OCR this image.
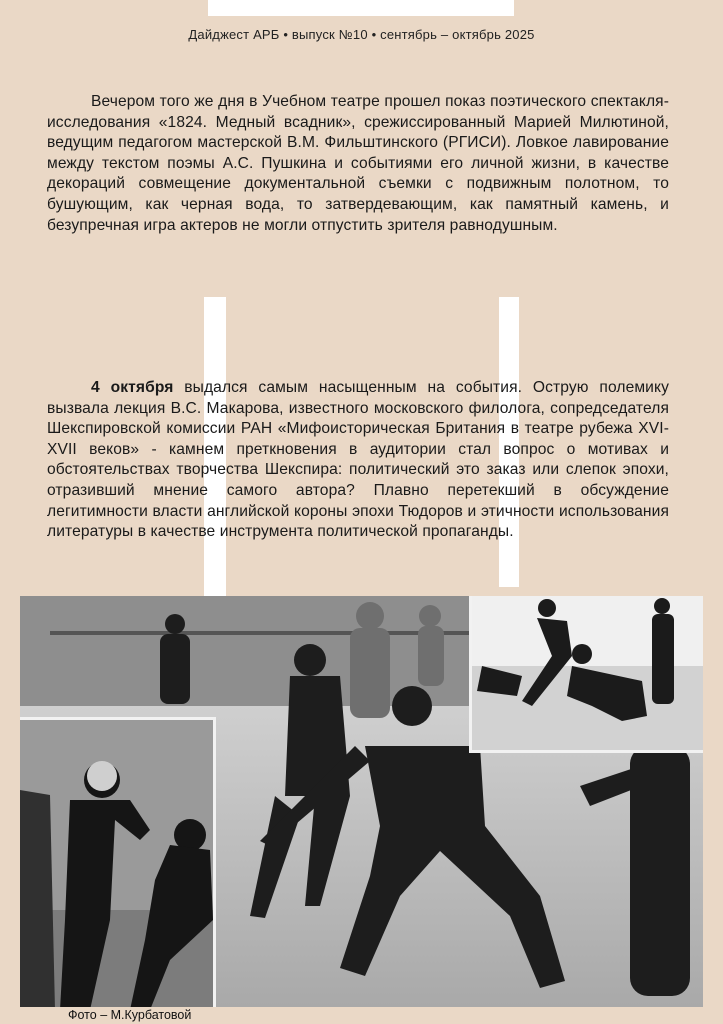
Дайджест АРБ • выпуск №10 • сентябрь – октябрь 2025

Вечером того же дня в Учебном театре прошел показ поэтического спектакля-исследования «1824. Медный всадник», срежиссированный Марией Милютиной, ведущим педагогом мастерской В.М. Фильштинского (РГИСИ). Ловкое лавирование между текстом поэмы А.С. Пушкина и событиями его личной жизни, в качестве декораций совмещение документальной съемки с подвижным полотном, то бушующим, как черная вода, то затвердевающим, как памятный камень, и безупречная игра актеров не могли отпустить зрителя равнодушным.

4 октября выдался самым насыщенным на события. Острую полемику вызвала лекция В.С. Макарова, известного московского филолога, сопредседателя Шекспировской комиссии РАН «Мифоисторическая Британия в театре рубежа XVI-XVII веков» - камнем преткновения в аудитории стал вопрос о мотивах и обстоятельствах творчества Шекспира: политический это заказ или слепок эпохи, отразивший мнение самого автора? Плавно перетекший в обсуждение легитимности власти английской короны эпохи Тюдоров и этичности использования литературы в качестве инструмента политической пропаганды.

Фото – М.Курбатовой
